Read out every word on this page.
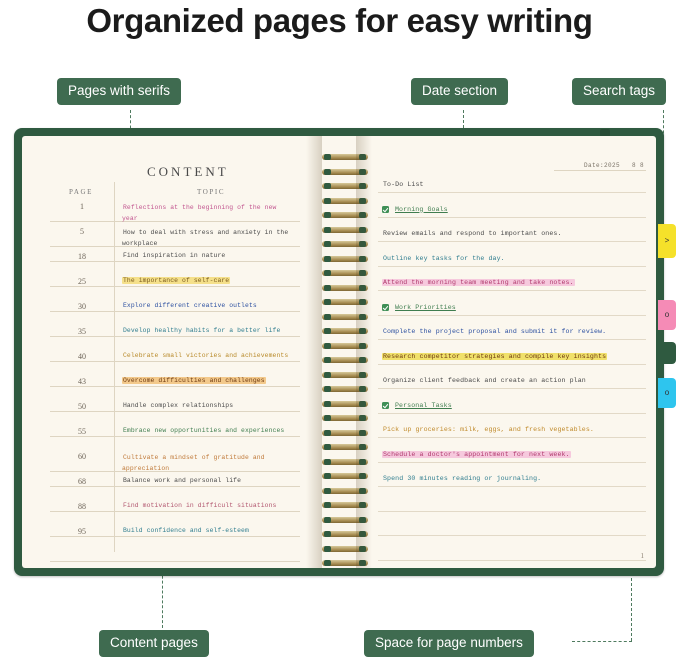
Organized pages for easy writing
Pages with serifs	Date section	Search tags
Content pages	Space for page numbers
CONTENT
PAGE	TOPIC
1	Reflections at the beginning of the new year
5	How to deal with stress and anxiety in the workplace
18	Find inspiration in nature
25	The importance of self-care
30	Explore different creative outlets
35	Develop healthy habits for a better life
40	Celebrate small victories and achievements
43	Overcome difficulties and challenges
50	Handle complex relationships
55	Embrace new opportunities and experiences
60	Cultivate a mindset of gratitude and appreciation
68	Balance work and personal life
88	Find motivation in difficult situations
95	Build confidence and self-esteem
Date:2025 8 8
To-Do List
Morning Goals
Review emails and respond to important ones.
Outline key tasks for the day.
Attend the morning team meeting and take notes.
Work Priorities
Complete the project proposal and submit it for review.
Research competitor strategies and compile key insights
Organize client feedback and create an action plan
Personal Tasks
Pick up groceries: milk, eggs, and fresh vegetables.
Schedule a doctor's appointment for next week.
Spend 30 minutes reading or journaling.
1
>
o
o
